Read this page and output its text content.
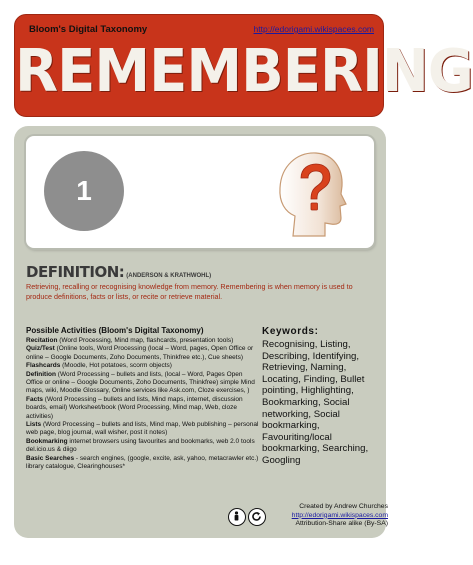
Bloom's Digital Taxonomy	http://edorigami.wikispaces.com
REMEMBERING
1
DEFINITION: (ANDERSON & KRATHWOHL)
Retrieving, recalling or recognising knowledge from memory. Remembering is when memory is used to produce definitions, facts or lists, or recite or retrieve material.
Possible Activities (Bloom's Digital Taxonomy)
Recitation (Word Processing, Mind map, flashcards, presentation tools)
Quiz/Test (Online tools, Word Processing (local – Word, pages, Open Office or online – Google Documents, Zoho Documents, Thinkfree etc.), Cue sheets)
Flashcards (Moodle, Hot potatoes, scorm objects)
Definition (Word Processing – bullets and lists, (local – Word, Pages Open Office or online – Google Documents, Zoho Documents, Thinkfree) simple Mind maps, wiki, Moodle Glossary, Online services like Ask.com, Cloze exercises, )
Facts (Word Processing – bullets and lists, Mind maps, internet, discussion boards, email) Worksheet/book (Word Processing, Mind map, Web, cloze activities)
Lists (Word Processing – bullets and lists, Mind map, Web publishing – personal web page, blog journal, wall wisher, post it notes)
Bookmarking internet browsers using favourites and bookmarks, web 2.0 tools del.icio.us & diigo
Basic Searches - search engines, (google, excite, ask, yahoo, metacrawler etc.) library catalogue, Clearinghouses*
Keywords:
Recognising, Listing, Describing, Identifying, Retrieving, Naming, Locating, Finding, Bullet pointing, Highlighting, Bookmarking, Social networking, Social bookmarking, Favouriting/local bookmarking, Searching, Googling
Created by Andrew Churches
http://edorigami.wikispaces.com
Attribution-Share alike (By-SA)
